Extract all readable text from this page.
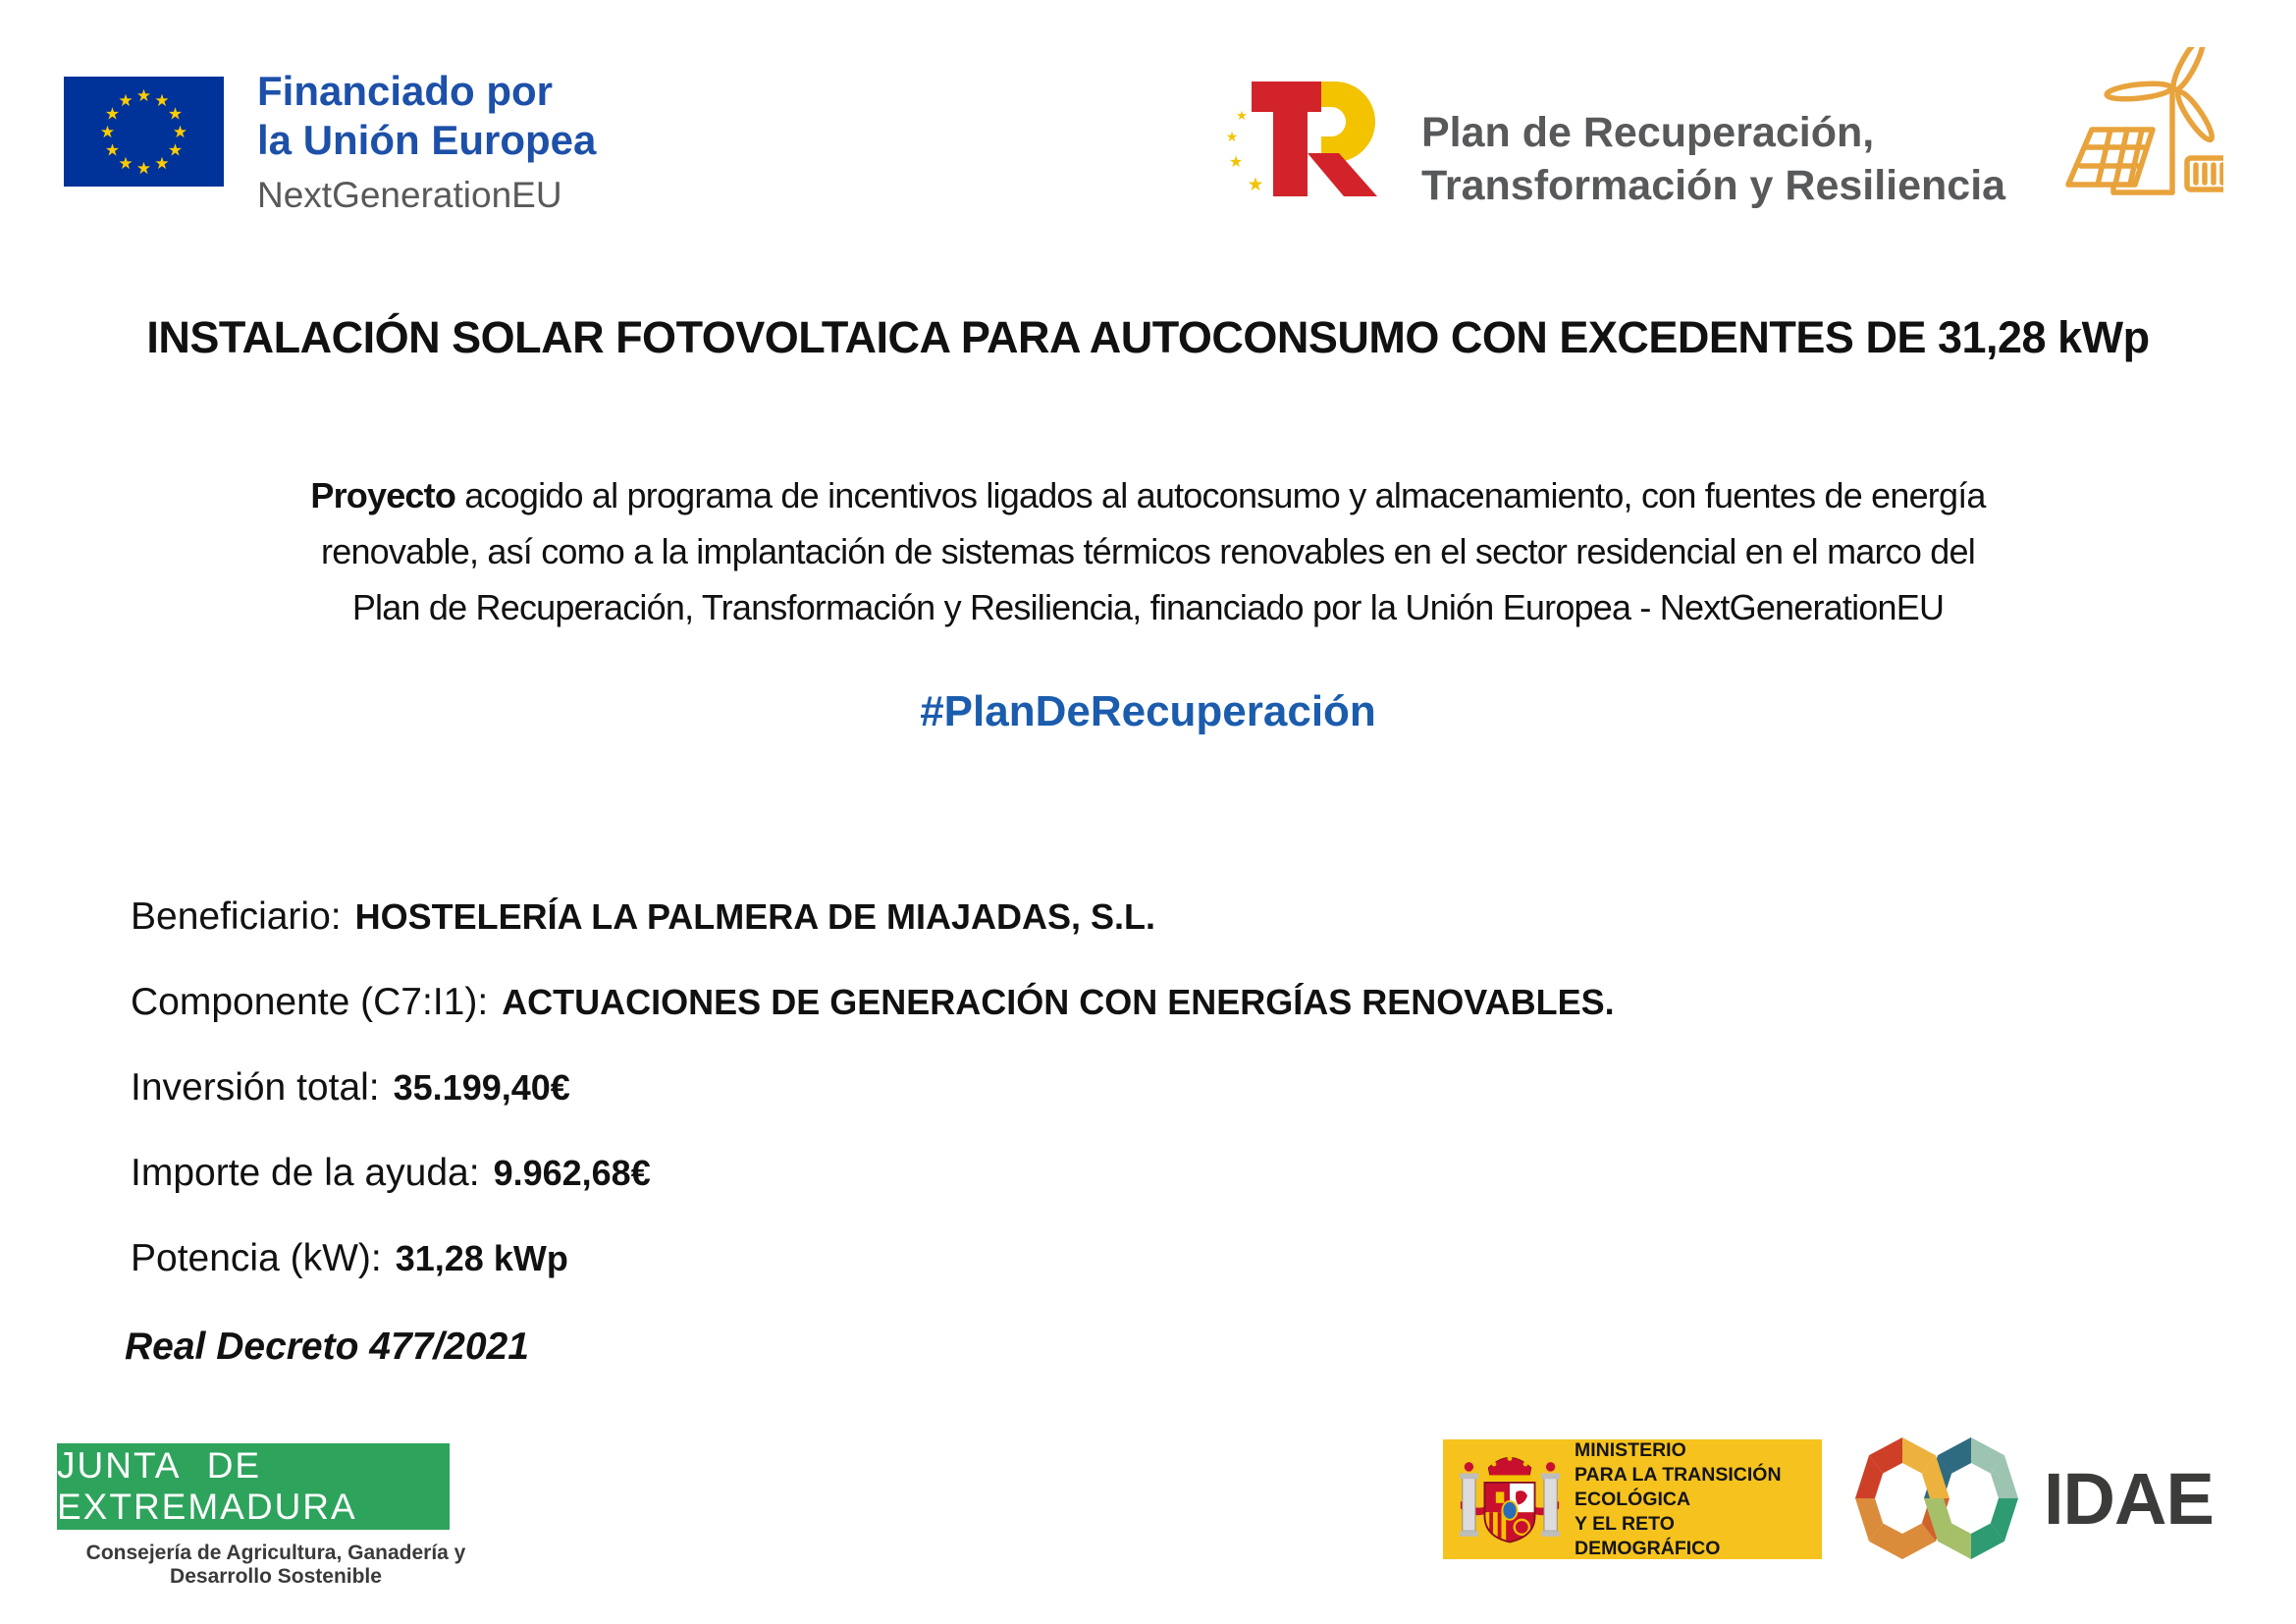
★ ★
★
★
★
★
★
★
★
★
★
★	Financiado por
la Unión Europea
NextGenerationEU
★
★
★
★
Plan de Recuperación,
Transformación y Resiliencia
INSTALACIÓN SOLAR FOTOVOLTAICA PARA AUTOCONSUMO CON EXCEDENTES DE 31,28 kWp
Proyecto acogido al programa de incentivos ligados al autoconsumo y almacenamiento, con fuentes de energía
renovable, así como a la implantación de sistemas térmicos renovables en el sector residencial en el marco del
Plan de Recuperación, Transformación y Resiliencia, financiado por la Unión Europea - NextGenerationEU
#PlanDeRecuperación
Beneficiario: HOSTELERÍA LA PALMERA DE MIAJADAS, S.L.
Componente (C7:I1): ACTUACIONES DE GENERACIÓN CON ENERGÍAS RENOVABLES.
Inversión total: 35.199,40€
Importe de la ayuda: 9.962,68€
Potencia (kW): 31,28 kWp
Real Decreto 477/2021
JUNTA DE EXTREMADURA
Consejería de Agricultura, Ganadería y Desarrollo Sostenible
MINISTERIO
PARA LA TRANSICIÓN ECOLÓGICA
Y EL RETO DEMOGRÁFICO
IDAE
